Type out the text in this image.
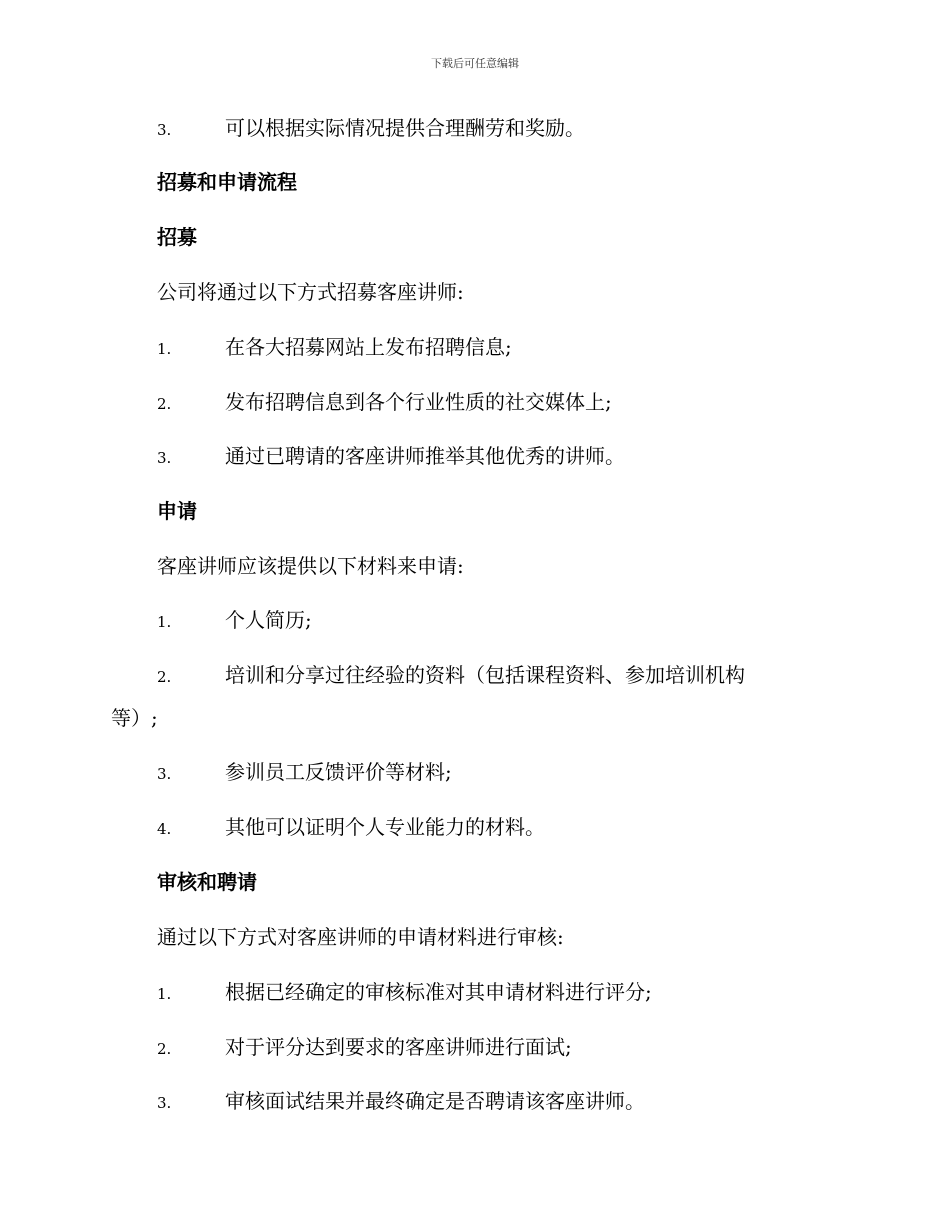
下载后可任意编辑
3.	可以根据实际情况提供合理酬劳和奖励。
招募和申请流程
招募
公司将通过以下方式招募客座讲师:
1.	在各大招募网站上发布招聘信息;
2.	发布招聘信息到各个行业性质的社交媒体上;
3.	通过已聘请的客座讲师推举其他优秀的讲师。
申请
客座讲师应该提供以下材料来申请:
1.	个人简历;
2.	培训和分享过往经验的资料（包括课程资料、参加培训机构
等）;
3.	参训员工反馈评价等材料;
4.	其他可以证明个人专业能力的材料。
审核和聘请
通过以下方式对客座讲师的申请材料进行审核:
1.	根据已经确定的审核标准对其申请材料进行评分;
2.	对于评分达到要求的客座讲师进行面试;
3.	审核面试结果并最终确定是否聘请该客座讲师。
